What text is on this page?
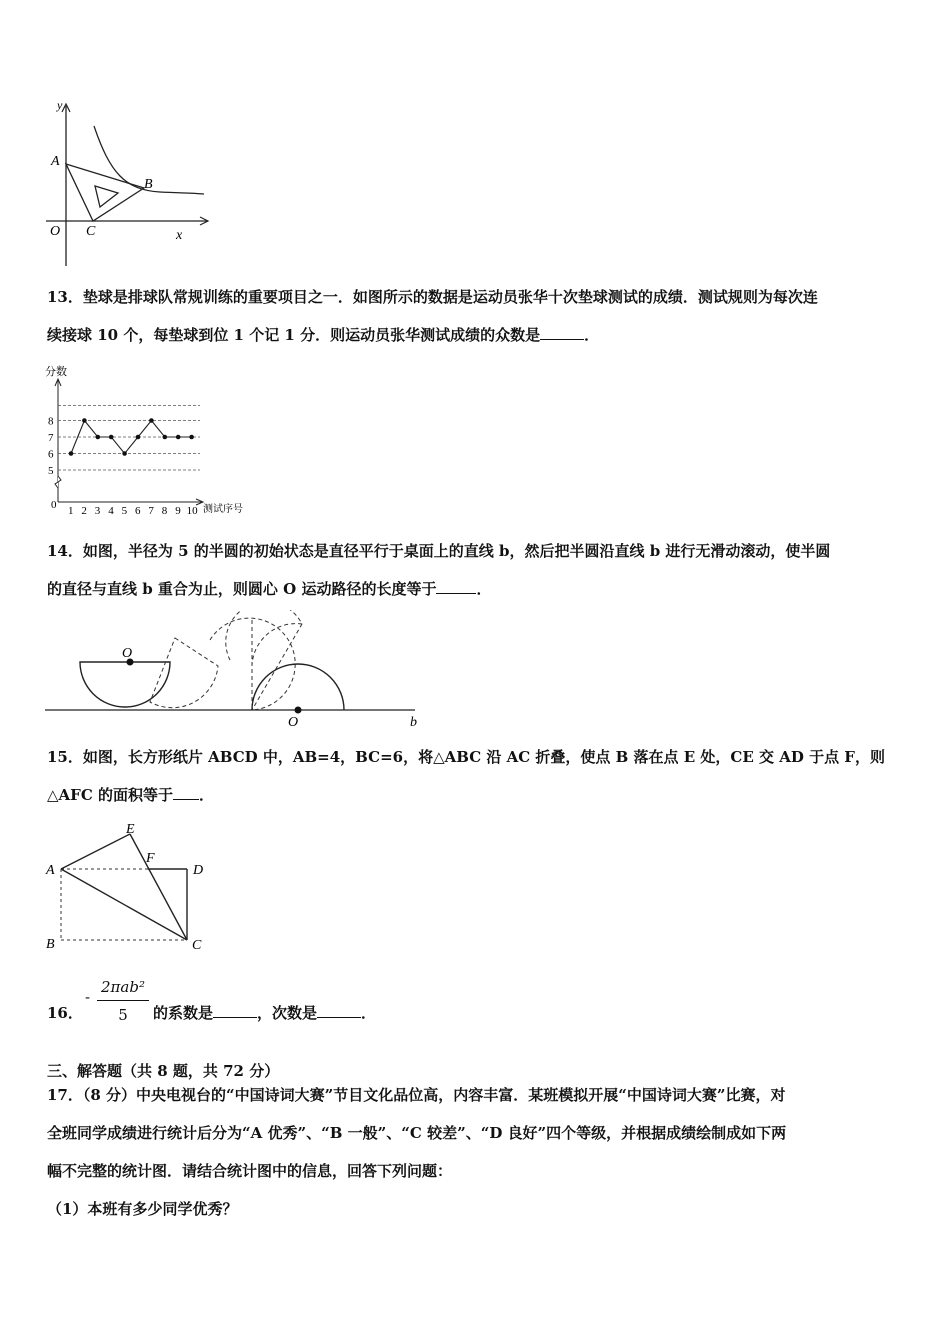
y
A
B
O C	x
13．垫球是排球队常规训练的重要项目之一．如图所示的数据是运动员张华十次垫球测试的成绩．测试规则为每次连
续接球 10 个，每垫球到位 1 个记 1 分．则运动员张华测试成绩的众数是	．
分数
测试序号
0
5
6
7
8
1 2 3 4 5 6 7 8 9 10
14．如图，半径为 5 的半圆的初始状态是直径平行于桌面上的直线 b，然后把半圆沿直线 b 进行无滑动滚动，使半圆
的直径与直线 b 重合为止，则圆心 O 运动路径的长度等于	．
O
O	b
15．如图，长方形纸片 ABCD 中，AB=4，BC=6，将△ABC 沿 AC 折叠，使点 B 落在点 E 处，CE 交 AD 于点 F，则
△AFC 的面积等于 ．
A
B	C
D
E
F
16．
-
2πab²
5	的系数是	，次数是	．
三、解答题（共 8 题，共 72 分）
17．（8 分）中央电视台的“中国诗词大赛”节目文化品位高，内容丰富．某班模拟开展“中国诗词大赛”比赛，对
全班同学成绩进行统计后分为“A 优秀”、“B 一般”、“C 较差”、“D 良好”四个等级，并根据成绩绘制成如下两
幅不完整的统计图．请结合统计图中的信息，回答下列问题：
（1）本班有多少同学优秀？
